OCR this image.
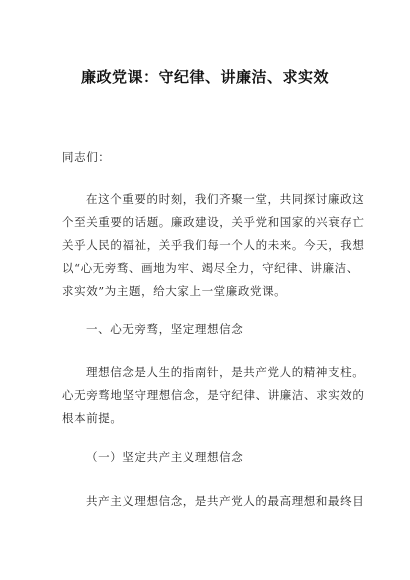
廉政党课：守纪律、讲廉洁、求实效
同志们：
在这个重要的时刻，我们齐聚一堂，共同探讨廉政这
个至关重要的话题。廉政建设，关乎党和国家的兴衰存亡
关乎人民的福祉，关乎我们每一个人的未来。今天，我想
以“心无旁骛、画地为牢、竭尽全力，守纪律、讲廉洁、
求实效”为主题，给大家上一堂廉政党课。
一、心无旁骛，坚定理想信念
理想信念是人生的指南针，是共产党人的精神支柱。
心无旁骛地坚守理想信念，是守纪律、讲廉洁、求实效的
根本前提。
（一）坚定共产主义理想信念
共产主义理想信念，是共产党人的最高理想和最终目
